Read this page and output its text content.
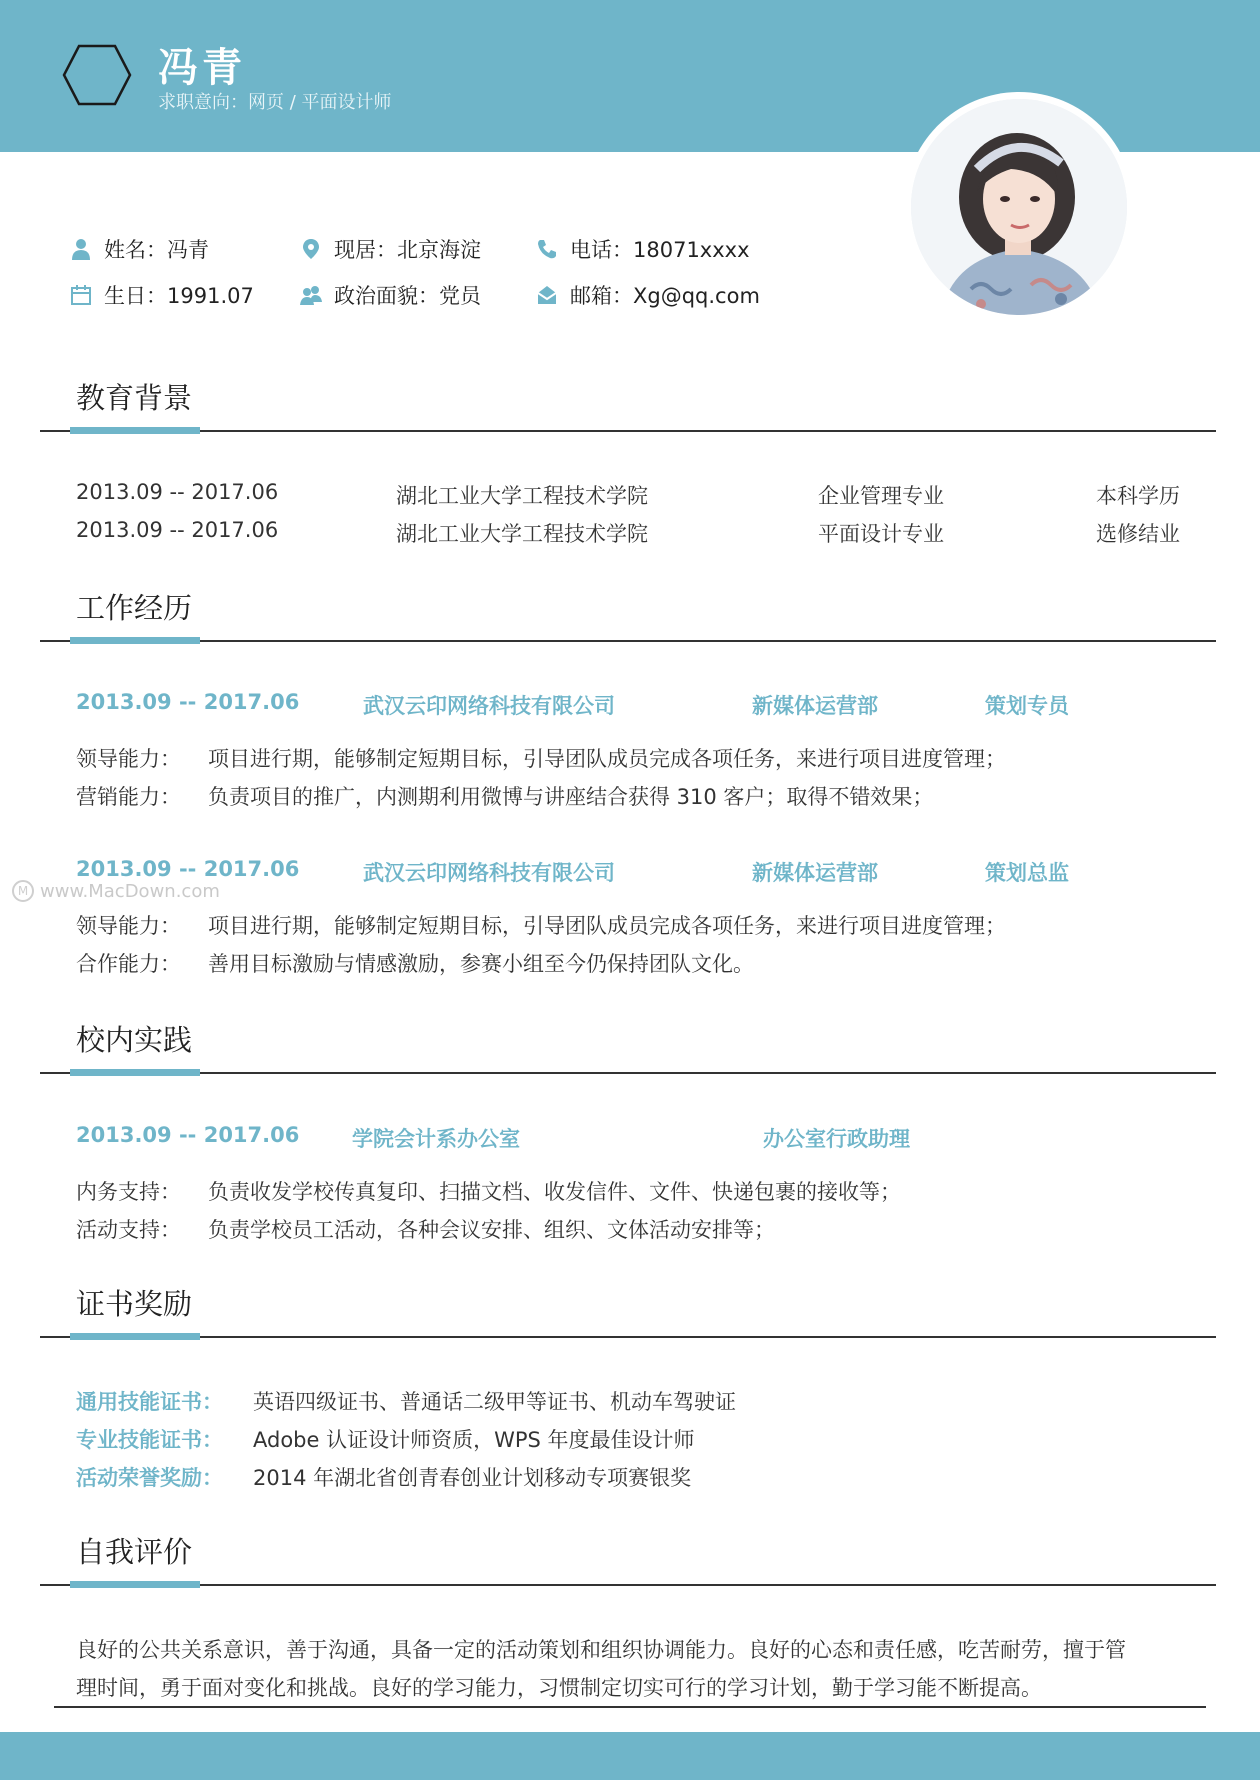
冯青
求职意向：网页 / 平面设计师
姓名：冯青	现居：北京海淀	电话：18071xxxx
生日：1991.07	政治面貌：党员	邮箱：Xg@qq.com
教育背景
2013.09 -- 2017.06	湖北工业大学工程技术学院	企业管理专业	本科学历
2013.09 -- 2017.06	湖北工业大学工程技术学院	平面设计专业	选修结业
工作经历
2013.09 -- 2017.06	武汉云印网络科技有限公司	新媒体运营部	策划专员
领导能力： 项目进行期，能够制定短期目标，引导团队成员完成各项任务，来进行项目进度管理；
营销能力： 负责项目的推广，内测期利用微博与讲座结合获得 310 客户；取得不错效果；
2013.09 -- 2017.06	武汉云印网络科技有限公司	新媒体运营部	策划总监
M www.MacDown.com
领导能力： 项目进行期，能够制定短期目标，引导团队成员完成各项任务，来进行项目进度管理；
合作能力： 善用目标激励与情感激励，参赛小组至今仍保持团队文化。
校内实践
2013.09 -- 2017.06	学院会计系办公室	办公室行政助理
内务支持： 负责收发学校传真复印、扫描文档、收发信件、文件、快递包裹的接收等；
活动支持： 负责学校员工活动，各种会议安排、组织、文体活动安排等；
证书奖励
通用技能证书： 英语四级证书、普通话二级甲等证书、机动车驾驶证
专业技能证书： Adobe 认证设计师资质，WPS 年度最佳设计师
活动荣誉奖励： 2014 年湖北省创青春创业计划移动专项赛银奖
自我评价
良好的公共关系意识，善于沟通，具备一定的活动策划和组织协调能力。良好的心态和责任感，吃苦耐劳，擅于管
理时间，勇于面对变化和挑战。良好的学习能力，习惯制定切实可行的学习计划，勤于学习能不断提高。
